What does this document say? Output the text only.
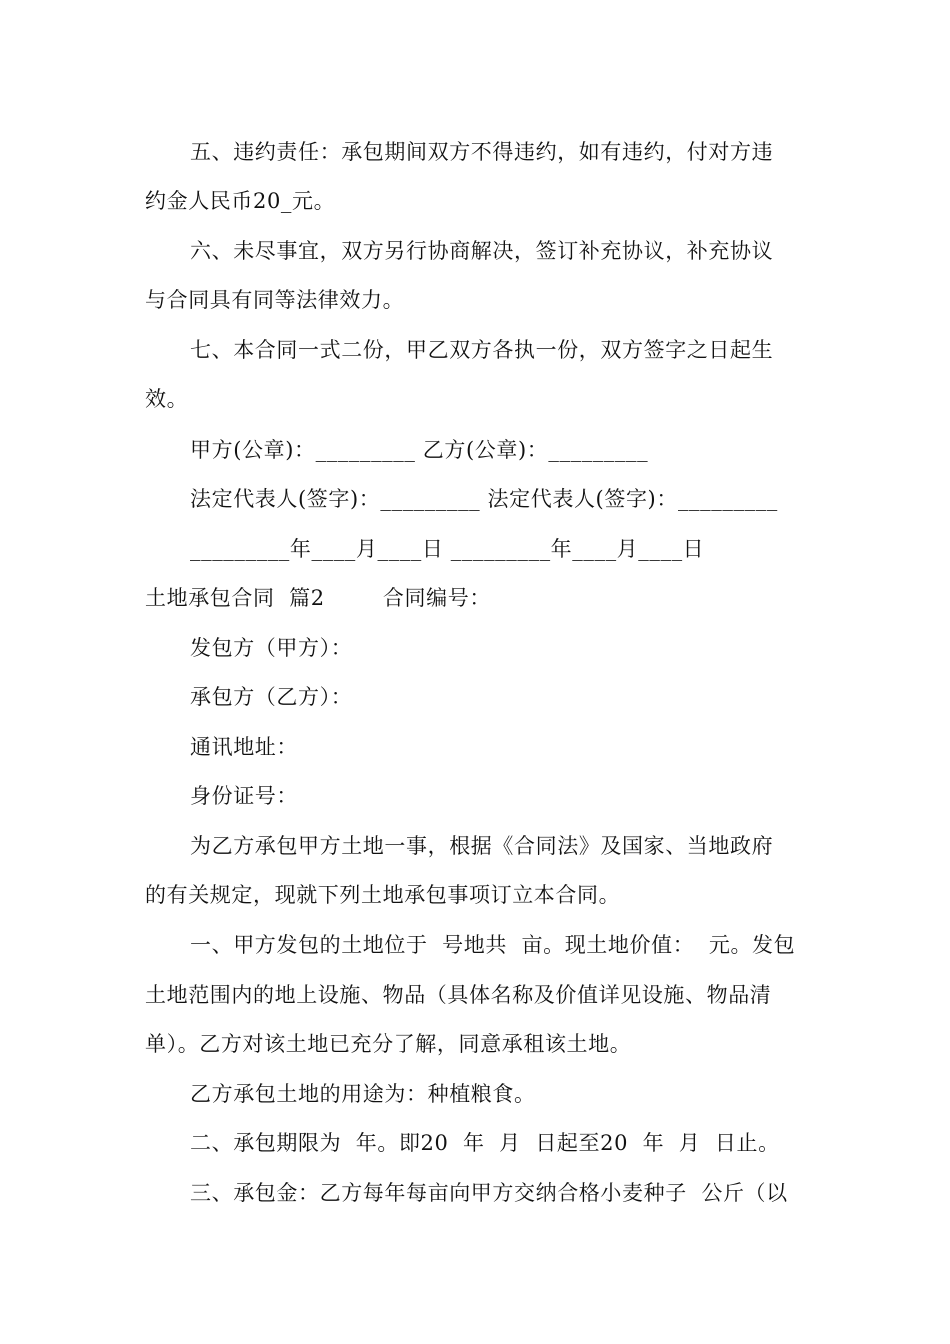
五、违约责任：承包期间双方不得违约，如有违约，付对方违
约金人民币20_元。
六、未尽事宜，双方另行协商解决，签订补充协议，补充协议
与合同具有同等法律效力。
七、本合同一式二份，甲乙双方各执一份，双方签字之日起生
效。
甲方(公章)：_________ 乙方(公章)：_________
法定代表人(签字)：_________ 法定代表人(签字)：_________
_________年____月____日 _________年____月____日
土地承包合同  篇2        合同编号：
发包方（甲方）：
承包方（乙方）：
通讯地址：
身份证号：
为乙方承包甲方土地一事，根据《合同法》及国家、当地政府
的有关规定，现就下列土地承包事项订立本合同。
一、甲方发包的土地位于  号地共  亩。现土地价值：  元。发包
土地范围内的地上设施、物品（具体名称及价值详见设施、物品清
单）。乙方对该土地已充分了解，同意承租该土地。
乙方承包土地的用途为：种植粮食。
二、承包期限为  年。即20  年  月  日起至20  年  月  日止。
三、承包金：乙方每年每亩向甲方交纳合格小麦种子  公斤（以
